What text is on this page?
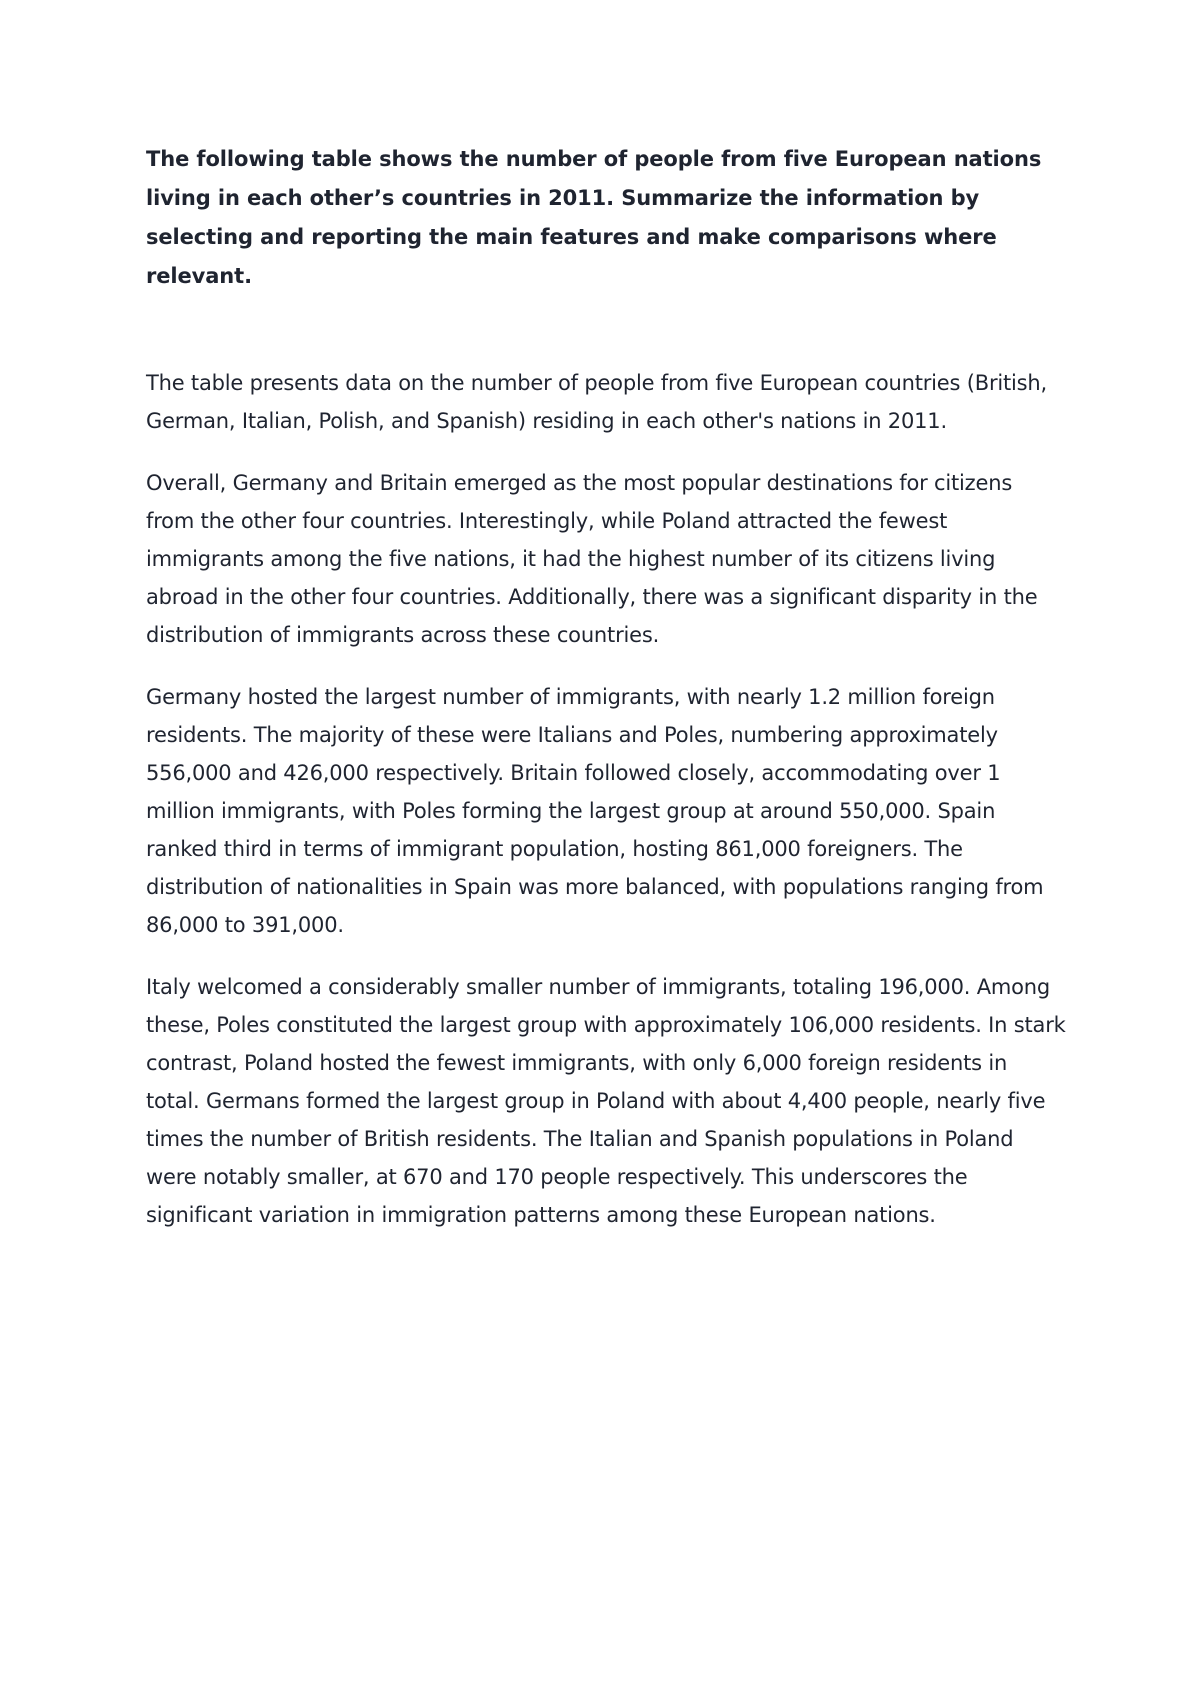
The following table shows the number of people from five European nations living in each other’s countries in 2011. Summarize the information by selecting and reporting the main features and make comparisons where relevant.

The table presents data on the number of people from five European countries (British, German, Italian, Polish, and Spanish) residing in each other's nations in 2011.

Overall, Germany and Britain emerged as the most popular destinations for citizens from the other four countries. Interestingly, while Poland attracted the fewest immigrants among the five nations, it had the highest number of its citizens living abroad in the other four countries. Additionally, there was a significant disparity in the distribution of immigrants across these countries.

Germany hosted the largest number of immigrants, with nearly 1.2 million foreign residents. The majority of these were Italians and Poles, numbering approximately 556,000 and 426,000 respectively. Britain followed closely, accommodating over 1 million immigrants, with Poles forming the largest group at around 550,000. Spain ranked third in terms of immigrant population, hosting 861,000 foreigners. The distribution of nationalities in Spain was more balanced, with populations ranging from 86,000 to 391,000.

Italy welcomed a considerably smaller number of immigrants, totaling 196,000. Among these, Poles constituted the largest group with approximately 106,000 residents. In stark contrast, Poland hosted the fewest immigrants, with only 6,000 foreign residents in total. Germans formed the largest group in Poland with about 4,400 people, nearly five times the number of British residents. The Italian and Spanish populations in Poland were notably smaller, at 670 and 170 people respectively. This underscores the significant variation in immigration patterns among these European nations.
